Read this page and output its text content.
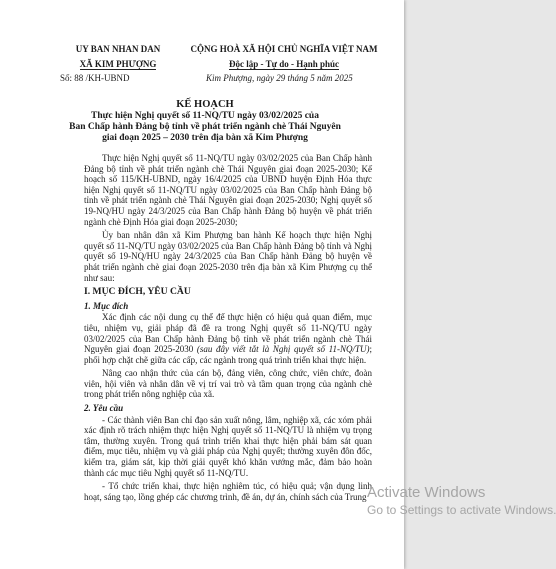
UY BAN NHAN DAN
XÃ KIM PHƯỢNG
CỘNG HOÀ XÃ HỘI CHỦ NGHĨA VIỆT NAM
Độc lập - Tự do - Hạnh phúc
Số: 88 /KH-UBND	Kim Phượng, ngày 29 tháng 5 năm 2025
KẾ HOẠCH
Thực hiện Nghị quyết số 11-NQ/TU ngày 03/02/2025 của
Ban Chấp hành Đảng bộ tỉnh về phát triển ngành chè Thái Nguyên
giai đoạn 2025 – 2030 trên địa bàn xã Kim Phượng

Thực hiện Nghị quyết số 11-NQ/TU ngày 03/02/2025 của Ban Chấp hành Đảng bộ tỉnh về phát triển ngành chè Thái Nguyên giai đoạn 2025-2030; Kế hoạch số 115/KH-UBND, ngày 16/4/2025 của UBND huyện Định Hóa thực hiện Nghị quyết số 11-NQ/TU ngày 03/02/2025 của Ban Chấp hành Đảng bộ tỉnh về phát triển ngành chè Thái Nguyên giai đoạn 2025-2030; Nghị quyết số 19-NQ/HU ngày 24/3/2025 của Ban Chấp hành Đảng bộ huyện về phát triển ngành chè Định Hóa giai đoạn 2025-2030;

Ủy ban nhân dân xã Kim Phượng ban hành Kế hoạch thực hiện Nghị quyết số 11-NQ/TU ngày 03/02/2025 của Ban Chấp hành Đảng bộ tỉnh và Nghị quyết số 19-NQ/HU ngày 24/3/2025 của Ban Chấp hành Đảng bộ huyện về phát triển ngành chè giai đoạn 2025-2030 trên địa bàn xã Kim Phượng cụ thể như sau:

I. MỤC ĐÍCH, YÊU CẦU

1. Mục đích

Xác định các nội dung cụ thể để thực hiện có hiệu quả quan điểm, mục tiêu, nhiệm vụ, giải pháp đã đề ra trong Nghị quyết số 11-NQ/TU ngày 03/02/2025 của Ban Chấp hành Đảng bộ tỉnh về phát triển ngành chè Thái Nguyên giai đoạn 2025-2030 (sau đây viết tắt là Nghị quyết số 11-NQ/TU); phối hợp chặt chẽ giữa các cấp, các ngành trong quá trình triển khai thực hiện.

Nâng cao nhận thức của cán bộ, đảng viên, công chức, viên chức, đoàn viên, hội viên và nhân dân về vị trí vai trò và tầm quan trọng của ngành chè trong phát triển nông nghiệp của xã.

2. Yêu cầu

- Các thành viên Ban chỉ đạo sản xuất nông, lâm, nghiệp xã, các xóm phải xác định rõ trách nhiệm thực hiện Nghị quyết số 11-NQ/TU là nhiệm vụ trọng tâm, thường xuyên. Trong quá trình triển khai thực hiện phải bám sát quan điểm, mục tiêu, nhiệm vụ và giải pháp của Nghị quyết; thường xuyên đôn đốc, kiểm tra, giám sát, kịp thời giải quyết khó khăn vướng mắc, đảm bảo hoàn thành các mục tiêu Nghị quyết số 11-NQ/TU.

- Tổ chức triển khai, thực hiện nghiêm túc, có hiệu quả; vận dụng linh hoạt, sáng tạo, lồng ghép các chương trình, đề án, dự án, chính sách của Trung Activate Windows
Go to Settings to activate Windows.
